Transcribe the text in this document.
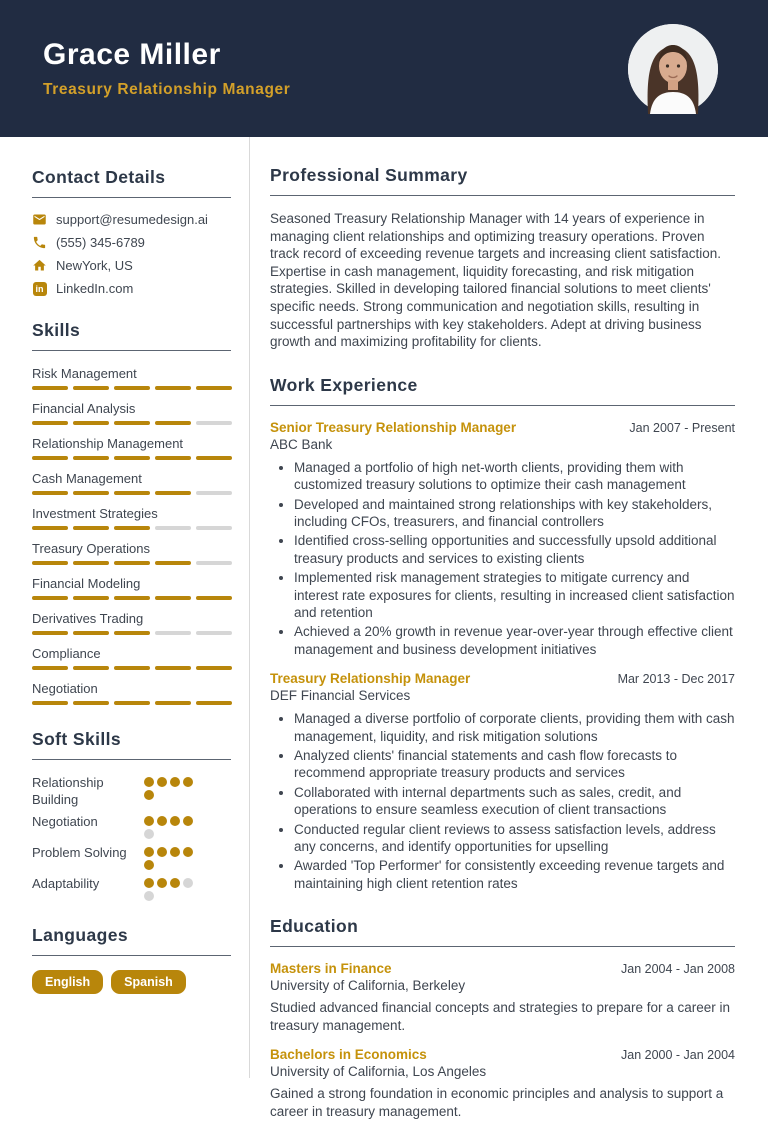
Grace Miller
Treasury Relationship Manager
Contact Details
support@resumedesign.ai
(555) 345-6789
NewYork, US
in LinkedIn.com
Skills
Risk Management
Financial Analysis
Relationship Management
Cash Management
Investment Strategies
Treasury Operations
Financial Modeling
Derivatives Trading
Compliance
Negotiation
Soft Skills
Relationship Building
Negotiation
Problem Solving
Adaptability
Languages
English	Spanish
Professional Summary

Seasoned Treasury Relationship Manager with 14 years of experience in managing client relationships and optimizing treasury operations. Proven track record of exceeding revenue targets and increasing client satisfaction. Expertise in cash management, liquidity forecasting, and risk mitigation strategies. Skilled in developing tailored financial solutions to meet clients' specific needs. Strong communication and negotiation skills, resulting in successful partnerships with key stakeholders. Adept at driving business growth and maximizing profitability for clients.

Work Experience
Senior Treasury Relationship Manager	Jan 2007 - Present
ABC Bank
• Managed a portfolio of high net-worth clients, providing them with customized treasury solutions to optimize their cash management
• Developed and maintained strong relationships with key stakeholders, including CFOs, treasurers, and financial controllers
• Identified cross-selling opportunities and successfully upsold additional treasury products and services to existing clients
• Implemented risk management strategies to mitigate currency and interest rate exposures for clients, resulting in increased client satisfaction and retention
• Achieved a 20% growth in revenue year-over-year through effective client management and business development initiatives
Treasury Relationship Manager	Mar 2013 - Dec 2017
DEF Financial Services
• Managed a diverse portfolio of corporate clients, providing them with cash management, liquidity, and risk mitigation solutions
• Analyzed clients' financial statements and cash flow forecasts to recommend appropriate treasury products and services
• Collaborated with internal departments such as sales, credit, and operations to ensure seamless execution of client transactions
• Conducted regular client reviews to assess satisfaction levels, address any concerns, and identify opportunities for upselling
• Awarded 'Top Performer' for consistently exceeding revenue targets and maintaining high client retention rates
Education
Masters in Finance	Jan 2004 - Jan 2008
University of California, Berkeley

Studied advanced financial concepts and strategies to prepare for a career in treasury management.

Bachelors in Economics	Jan 2000 - Jan 2004
University of California, Los Angeles

Gained a strong foundation in economic principles and analysis to support a career in treasury management.
